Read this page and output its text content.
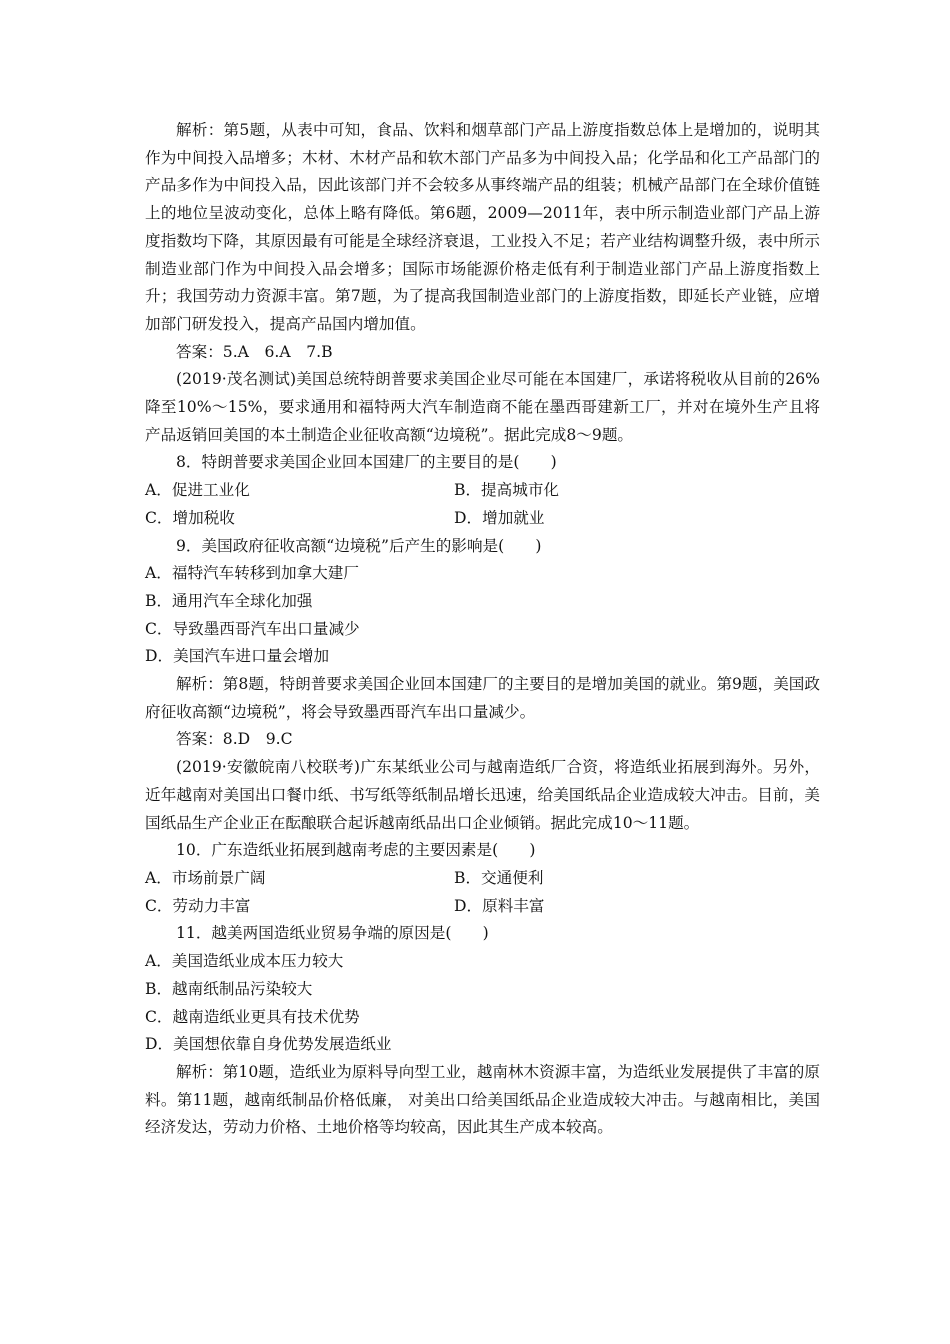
解析：第5题，从表中可知，食品、饮料和烟草部门产品上游度指数总体上是增加的，说明其作为中间投入品增多；木材、木材产品和软木部门产品多为中间投入品；化学品和化工产品部门的产品多作为中间投入品，因此该部门并不会较多从事终端产品的组装；机械产品部门在全球价值链上的地位呈波动变化，总体上略有降低。第6题，2009—2011年，表中所示制造业部门产品上游度指数均下降，其原因最有可能是全球经济衰退，工业投入不足；若产业结构调整升级，表中所示制造业部门作为中间投入品会增多；国际市场能源价格走低有利于制造业部门产品上游度指数上升；我国劳动力资源丰富。第7题，为了提高我国制造业部门的上游度指数，即延长产业链，应增加部门研发投入，提高产品国内增加值。

答案：5.A　6.A　7.B

(2019·茂名测试)美国总统特朗普要求美国企业尽可能在本国建厂，承诺将税收从目前的26%降至10%～15%，要求通用和福特两大汽车制造商不能在墨西哥建新工厂，并对在境外生产且将产品返销回美国的本土制造企业征收高额“边境税”。据此完成8～9题。

8．特朗普要求美国企业回本国建厂的主要目的是(　　)

A．促进工业化	B．提高城市化
C．增加税收	D．增加就业

9．美国政府征收高额“边境税”后产生的影响是(　　)

A．福特汽车转移到加拿大建厂

B．通用汽车全球化加强

C．导致墨西哥汽车出口量减少

D．美国汽车进口量会增加

解析：第8题，特朗普要求美国企业回本国建厂的主要目的是增加美国的就业。第9题，美国政府征收高额“边境税”，将会导致墨西哥汽车出口量减少。

答案：8.D　9.C

(2019·安徽皖南八校联考)广东某纸业公司与越南造纸厂合资，将造纸业拓展到海外。另外，近年越南对美国出口餐巾纸、书写纸等纸制品增长迅速，给美国纸品企业造成较大冲击。目前，美国纸品生产企业正在酝酿联合起诉越南纸品出口企业倾销。据此完成10～11题。

10．广东造纸业拓展到越南考虑的主要因素是(　　)

A．市场前景广阔	B．交通便利
C．劳动力丰富	D．原料丰富

11．越美两国造纸业贸易争端的原因是(　　)

A．美国造纸业成本压力较大

B．越南纸制品污染较大

C．越南造纸业更具有技术优势

D．美国想依靠自身优势发展造纸业

解析：第10题，造纸业为原料导向型工业，越南林木资源丰富，为造纸业发展提供了丰富的原料。第11题，越南纸制品价格低廉， 对美出口给美国纸品企业造成较大冲击。与越南相比，美国经济发达，劳动力价格、土地价格等均较高，因此其生产成本较高。
